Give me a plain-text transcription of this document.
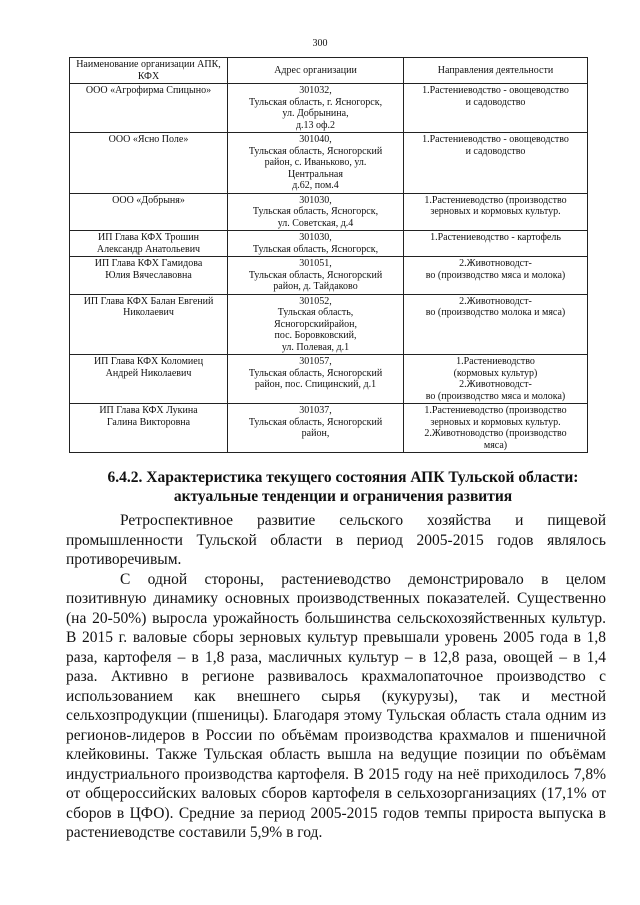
300
Наименование организации АПК, КФХ	Адрес организации	Направления деятельности

ООО «Агрофирма Спицыно»	301032,
Тульская область, г. Ясногорск,
ул. Добрынина,
д.13 оф.2	1.Растениеводство - овощеводство
и садоводство

ООО «Ясно Поле»	301040,
Тульская область, Ясногорский
район, с. Иваньково, ул.
Центральная
д.62, пом.4	1.Растениеводство - овощеводство
и садоводство

ООО «Добрыня»	301030,
Тульская область, Ясногорск,
ул. Советская, д.4	1.Растениеводство (производство
зерновых и кормовых культур.

ИП Глава КФХ Трошин
Александр Анатольевич	301030,
Тульская область, Ясногорск,	1.Растениеводство - картофель

ИП Глава КФХ Гамидова
Юлия Вячеславовна	301051,
Тульская область, Ясногорский
район, д. Тайдаково	2.Животноводст-
во (производство мяса и молока)

ИП Глава КФХ Балан Евгений
Николаевич	301052,
Тульская область,
Ясногорскийрайон,
пос. Боровковский,
ул. Полевая, д.1	2.Животноводст-
во (производство молока и мяса)

ИП Глава КФХ Коломиец
Андрей Николаевич	301057,
Тульская область, Ясногорский
район, пос. Спицинский, д.1	1.Растениеводство
(кормовых культур)
2.Животноводст-
во (производство мяса и молока)

ИП Глава КФХ Лукина
Галина Викторовна	301037,
Тульская область, Ясногорский
район,	1.Растениеводство (производство
зерновых и кормовых культур.
2.Животноводство (производство
мяса)
6.4.2. Характеристика текущего состояния АПК Тульской области:
актуальные тенденции и ограничения развития

Ретроспективное развитие сельского хозяйства и пищевой

промышленности Тульской области в период 2005-2015 годов являлось противоречивым.

С одной стороны, растениеводство демонстрировало в целом позитивную динамику основных производственных показателей. Существенно (на 20-50%) выросла урожайность большинства сельскохозяйственных культур. В 2015 г. валовые сборы зерновых культур превышали уровень 2005 года в 1,8 раза, картофеля – в 1,8 раза, масличных культур – в 12,8 раза, овощей – в 1,4 раза. Активно в регионе развивалось крахмалопаточное производство с использованием как внешнего сырья (кукурузы), так и местной сельхозпродукции (пшеницы). Благодаря этому Тульская область стала одним из регионов-лидеров в России по объёмам производства крахмалов и пшеничной клейковины. Также Тульская область вышла на ведущие позиции по объёмам индустриального производства картофеля. В 2015 году на неё приходилось 7,8% от общероссийских валовых сборов картофеля в сельхозорганизациях (17,1% от сборов в ЦФО). Средние за период 2005-2015 годов темпы прироста выпуска в растениеводстве составили 5,9% в год.
